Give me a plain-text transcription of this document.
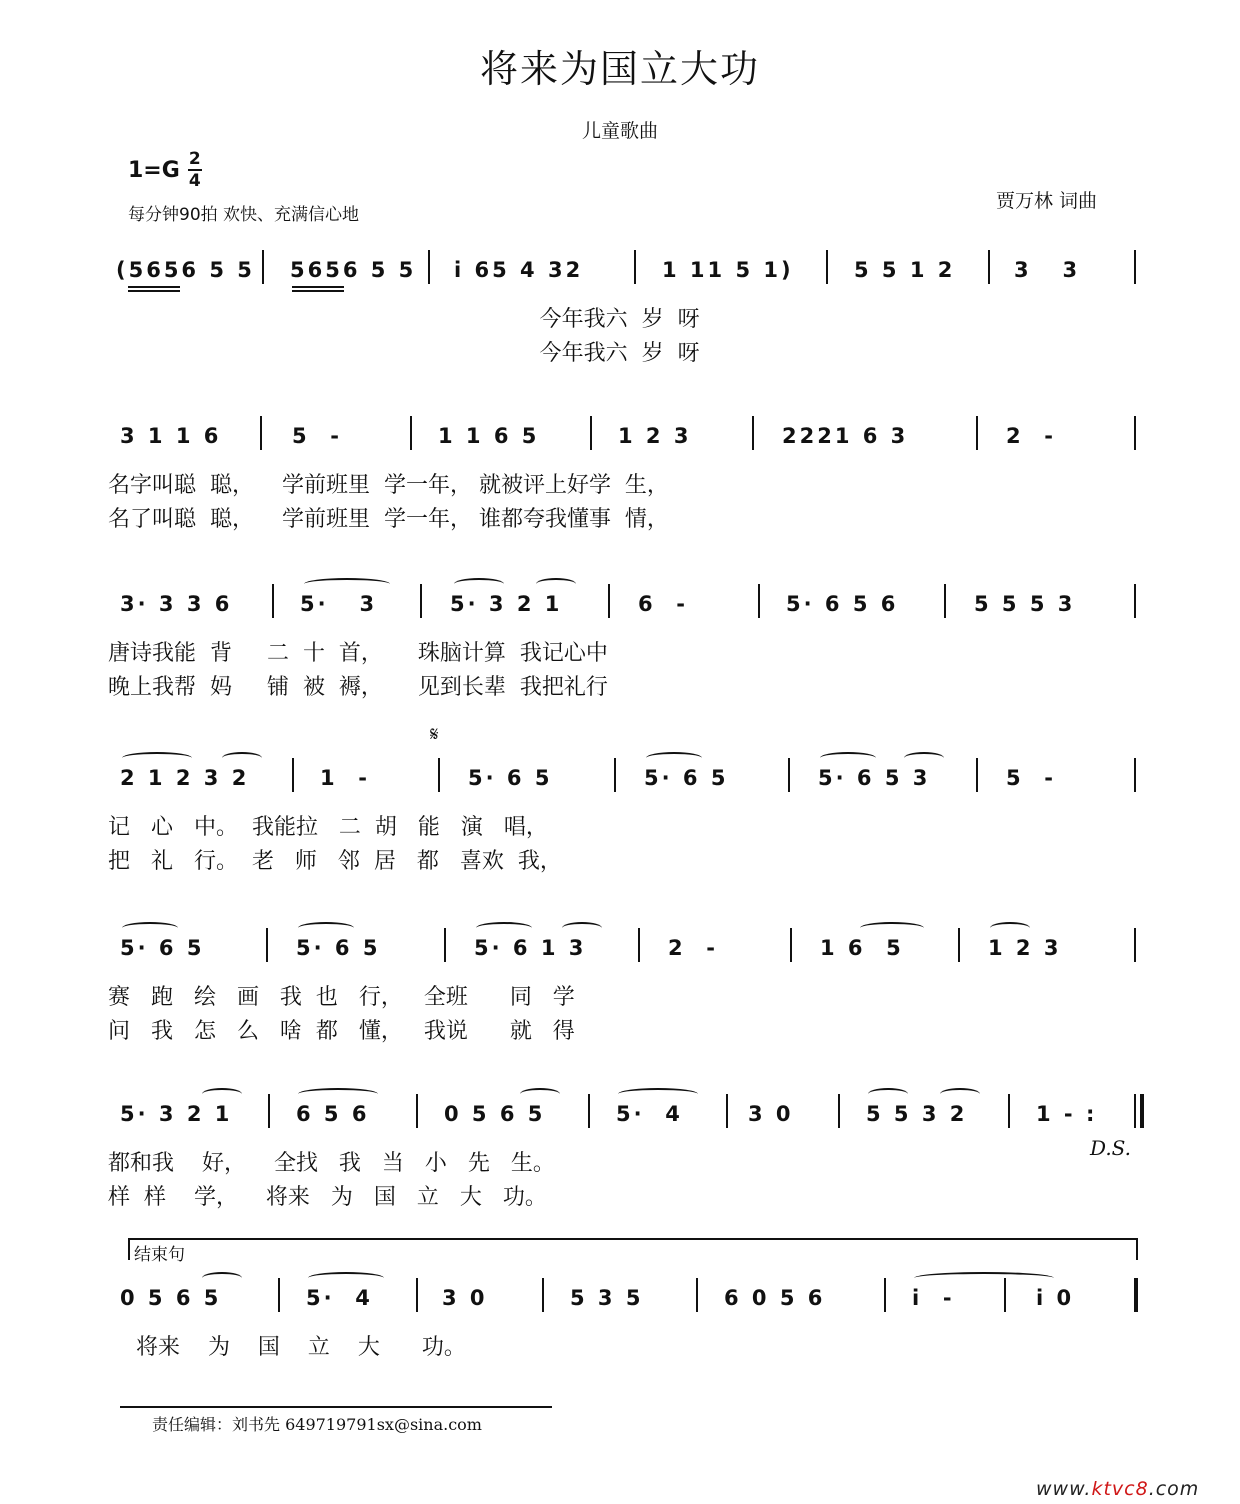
将来为国立大功
儿童歌曲
1=G 2
4
每分钟90拍 欢快、充满信心地
贾万林 词曲
(5656 5 5 5656 5 5 i 65 4 32	1 11 5 1)	5 5 1 2	3   3
今年我六  岁  呀
今年我六  岁  呀
3 1 1 6	5  -	1 1 6 5	1 2 3	2221 6 3	2  -
名字叫聪  聪，    学前班里  学一年， 就被评上好学  生，
名了叫聪  聪，    学前班里  学一年， 谁都夸我懂事  情，
3· 3 3 6	5·   3	5· 3 2 1	6  -	5· 6 5 6	5 5 5 3
唐诗我能  背     二  十  首，     珠脑计算  我记心中
晚上我帮  妈     铺  被  褥，     见到长辈  我把礼行
𝄋
2 1 2 3 2	1  -	5· 6 5	5· 6 5	5· 6 5 3	5  -
记   心   中。  我能拉   二  胡   能   演   唱，
把   礼   行。  老   师   邻  居   都   喜欢  我，
5· 6 5	5· 6 5	5· 6 1 3	2  -	1 6  5	1 2 3
赛   跑   绘   画   我  也   行，   全班      同   学
问   我   怎   么   啥  都   懂，   我说      就   得
5· 3 2 1	6 5 6	0 5 6 5	5·  4	3 0	5 5 3 2	1 - :
都和我    好，    全找   我   当   小   先   生。
D.S.
样  样    学，    将来   为   国   立   大   功。
结束句
0 5 6 5	5·  4	3 0	5 3 5	6 0 5 6	i  -	i 0
将来    为    国    立    大      功。
责任编辑：刘书先 649719791sx@sina.com
www.ktvc8.com
